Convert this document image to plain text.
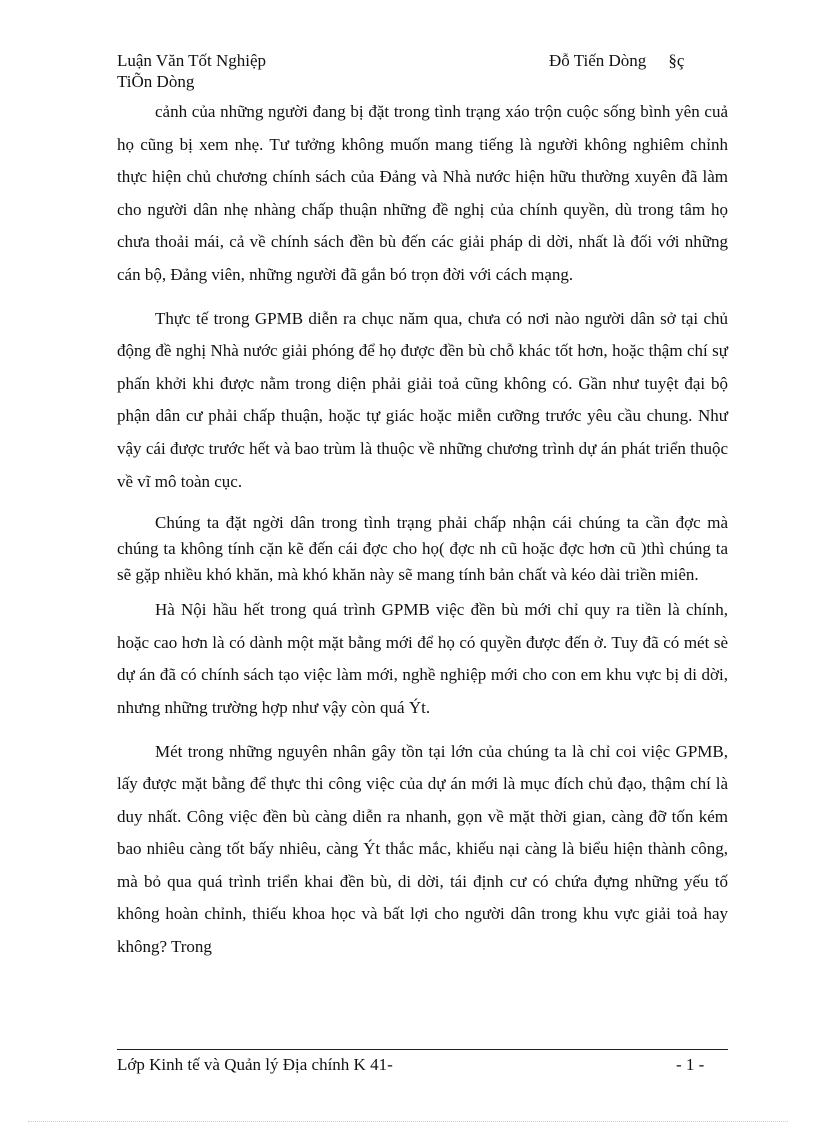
Luận Văn Tốt Nghiệp
TiÕn Dòng
Đỗ Tiến Dòng §ç

cảnh của những người đang bị đặt trong tình trạng xáo trộn cuộc sống bình yên cuả họ cũng bị xem nhẹ. Tư tưởng không muốn mang tiếng là người không nghiêm chỉnh thực hiện chủ chương chính sách của Đảng và Nhà nước hiện hữu thường xuyên đã làm cho người dân nhẹ nhàng chấp thuận những đề nghị của chính quyền, dù trong tâm họ chưa thoải mái, cả về chính sách đền bù đến các giải pháp di dời, nhất là đối với những cán bộ, Đảng viên, những người đã gắn bó trọn đời với cách mạng.

Thực tế trong GPMB diễn ra chục năm qua, chưa có nơi nào người dân sở tại chủ động đề nghị Nhà nước giải phóng để họ được đền bù chỗ khác tốt hơn, hoặc thậm chí sự phấn khởi khi được nằm trong diện phải giải toả cũng không có. Gần như tuyệt đại bộ phận dân cư phải chấp thuận, hoặc tự giác hoặc miễn cưỡng trước yêu cầu chung. Như vậy cái được trước hết và bao trùm là thuộc về những chương trình dự án phát triển thuộc về vĩ mô toàn cục.

Chúng ta đặt ngời dân trong tình trạng phải chấp nhận cái chúng ta cần đợc mà chúng ta không tính cặn kẽ đến cái đợc cho họ( đợc nh cũ hoặc đợc hơn cũ )thì chúng ta sẽ gặp nhiều khó khăn, mà khó khăn này sẽ mang tính bản chất và kéo dài triền miên.

Hà Nội hầu hết trong quá trình GPMB việc đền bù mới chỉ quy ra tiền là chính, hoặc cao hơn là có dành một mặt bằng mới để họ có quyền được đến ở. Tuy đã có mét sè dự án đã có chính sách tạo việc làm mới, nghề nghiệp mới cho con em khu vực bị di dời, nhưng những trường hợp như vậy còn quá Ýt.

Mét trong những nguyên nhân gây tồn tại lớn của chúng ta là chỉ coi việc GPMB, lấy được mặt bằng để thực thi công việc của dự án mới là mục đích chủ đạo, thậm chí là duy nhất. Công việc đền bù càng diễn ra nhanh, gọn về mặt thời gian, càng đỡ tốn kém bao nhiêu càng tốt bấy nhiêu, càng Ýt thắc mắc, khiếu nại càng là biểu hiện thành công, mà bỏ qua quá trình triển khai đền bù, di dời, tái định cư có chứa đựng những yếu tố không hoàn chỉnh, thiếu khoa học và bất lợi cho người dân trong khu vực giải toả hay không? Trong

Lớp Kinh tế và Quản lý Địa chính K 41-	- 1 -
